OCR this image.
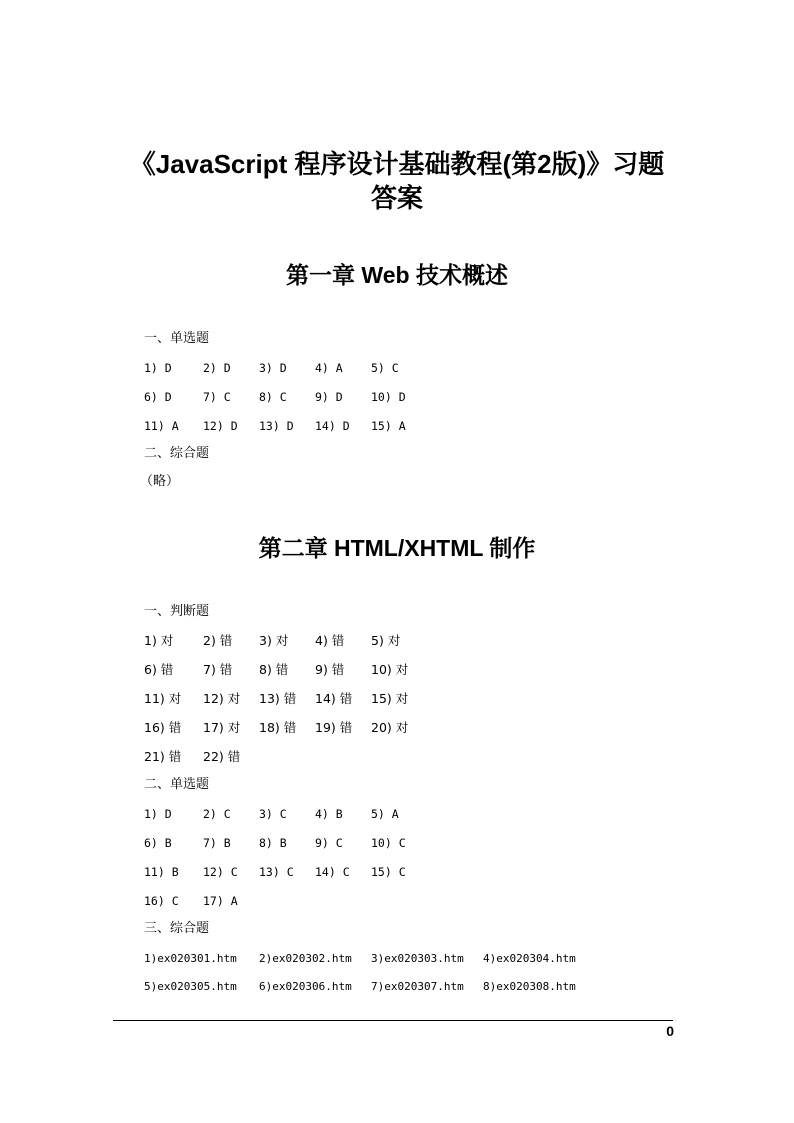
《JavaScript 程序设计基础教程(第2版)》习题
答案
第一章 Web 技术概述
一、单选题
1) D	2) D 3) D 4) A 5) C
6) D	7) C 8) C 9) D 10) D
11) A 12) D 13) D 14) D 15) A
二、综合题
（略）
第二章 HTML/XHTML 制作
一、判断题
1) 对 2) 错 3) 对 4) 错 5) 对
6) 错 7) 错 8) 错 9) 错 10) 对
11) 对 12) 对 13) 错 14) 错 15) 对
16) 错 17) 对 18) 错 19) 错 20) 对
21) 错 22) 错
二、单选题
1) D	2) C 3) C 4) B 5) A
6) B	7) B 8) B 9) C 10) C
11) B 12) C 13) C 14) C 15) C
16) C 17) A
三、综合题
1)ex020301.htm 2)ex020302.htm 3)ex020303.htm 4)ex020304.htm
5)ex020305.htm 6)ex020306.htm 7)ex020307.htm 8)ex020308.htm
0
